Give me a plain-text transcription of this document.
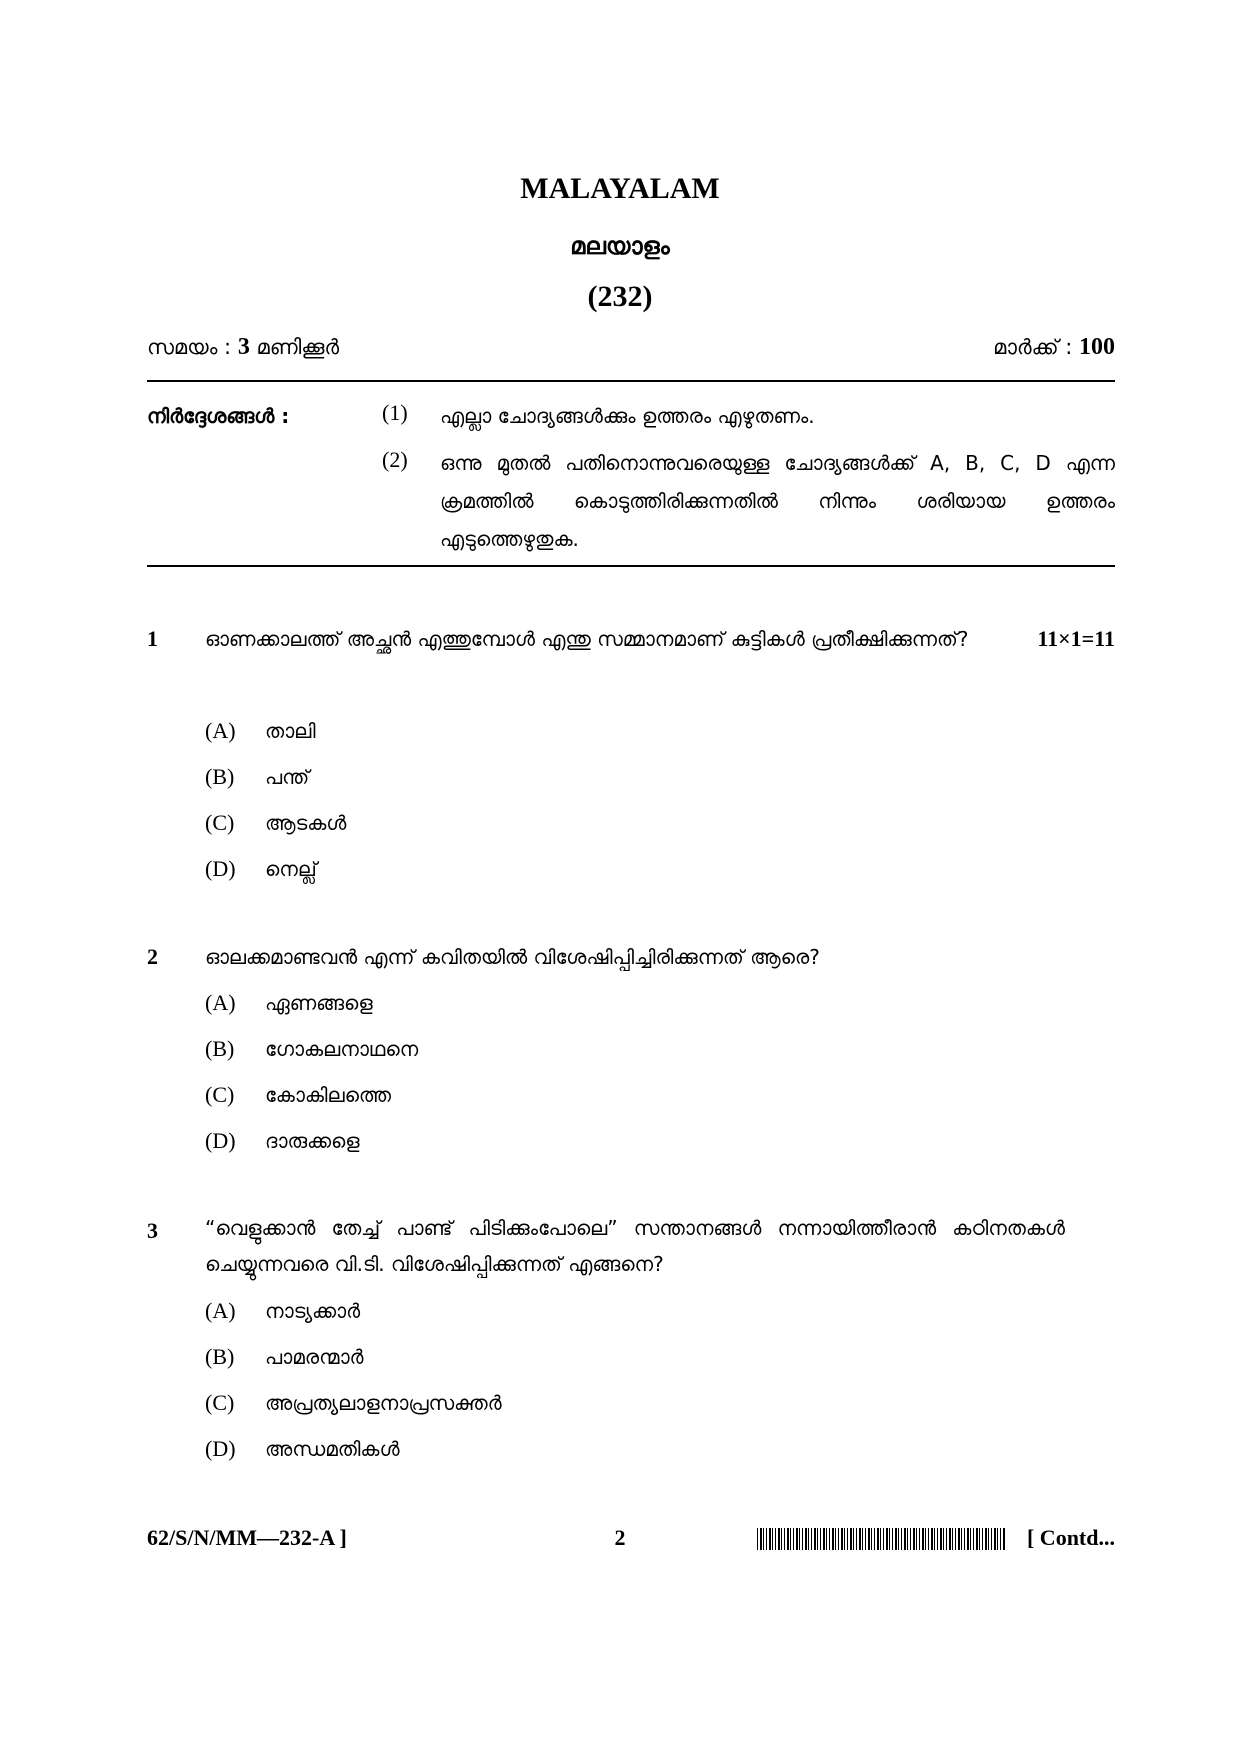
MALAYALAM
മലയാളം
(232)
സമയം : 3 മണിക്കൂർ	മാർക്ക് : 100
നിർദ്ദേശങ്ങൾ :	(1) എല്ലാ ചോദ്യങ്ങൾക്കും ഉത്തരം എഴുതണം.
(2) ഒന്നു മുതൽ പതിനൊന്നുവരെയുള്ള ചോദ്യങ്ങൾക്ക് A, B, C, D എന്ന ക്രമത്തിൽ കൊടുത്തിരിക്കുന്നതിൽ നിന്നും ശരിയായ ഉത്തരം എടുത്തെഴുതുക.
1 ഓണക്കാലത്ത് അച്ഛൻ എത്തുമ്പോൾ എന്തു സമ്മാനമാണ് കുട്ടികൾ പ്രതീക്ഷിക്കുന്നത്?	11×1=11
(A) താലി
(B) പന്ത്
(C) ആടകൾ
(D) നെല്ല്
2 ഓലക്കമാണ്ടവൻ എന്ന് കവിതയിൽ വിശേഷിപ്പിച്ചിരിക്കുന്നത് ആരെ?
(A) ഏണങ്ങളെ
(B) ഗോകലനാഥനെ
(C) കോകിലത്തെ
(D) ദാരുക്കളെ
3 “വെളുക്കാൻ തേച്ച് പാണ്ട് പിടിക്കുംപോലെ” സന്താനങ്ങൾ നന്നായിത്തീരാൻ കഠിനതകൾ ചെയ്യുന്നവരെ വി.ടി. വിശേഷിപ്പിക്കുന്നത് എങ്ങനെ?
(A) നാട്യക്കാർ
(B) പാമരന്മാർ
(C) അപ്രത്യലാളനാപ്രസക്തർ
(D) അന്ധമതികൾ
62/S/N/MM—232-A ]	2	[ Contd...
